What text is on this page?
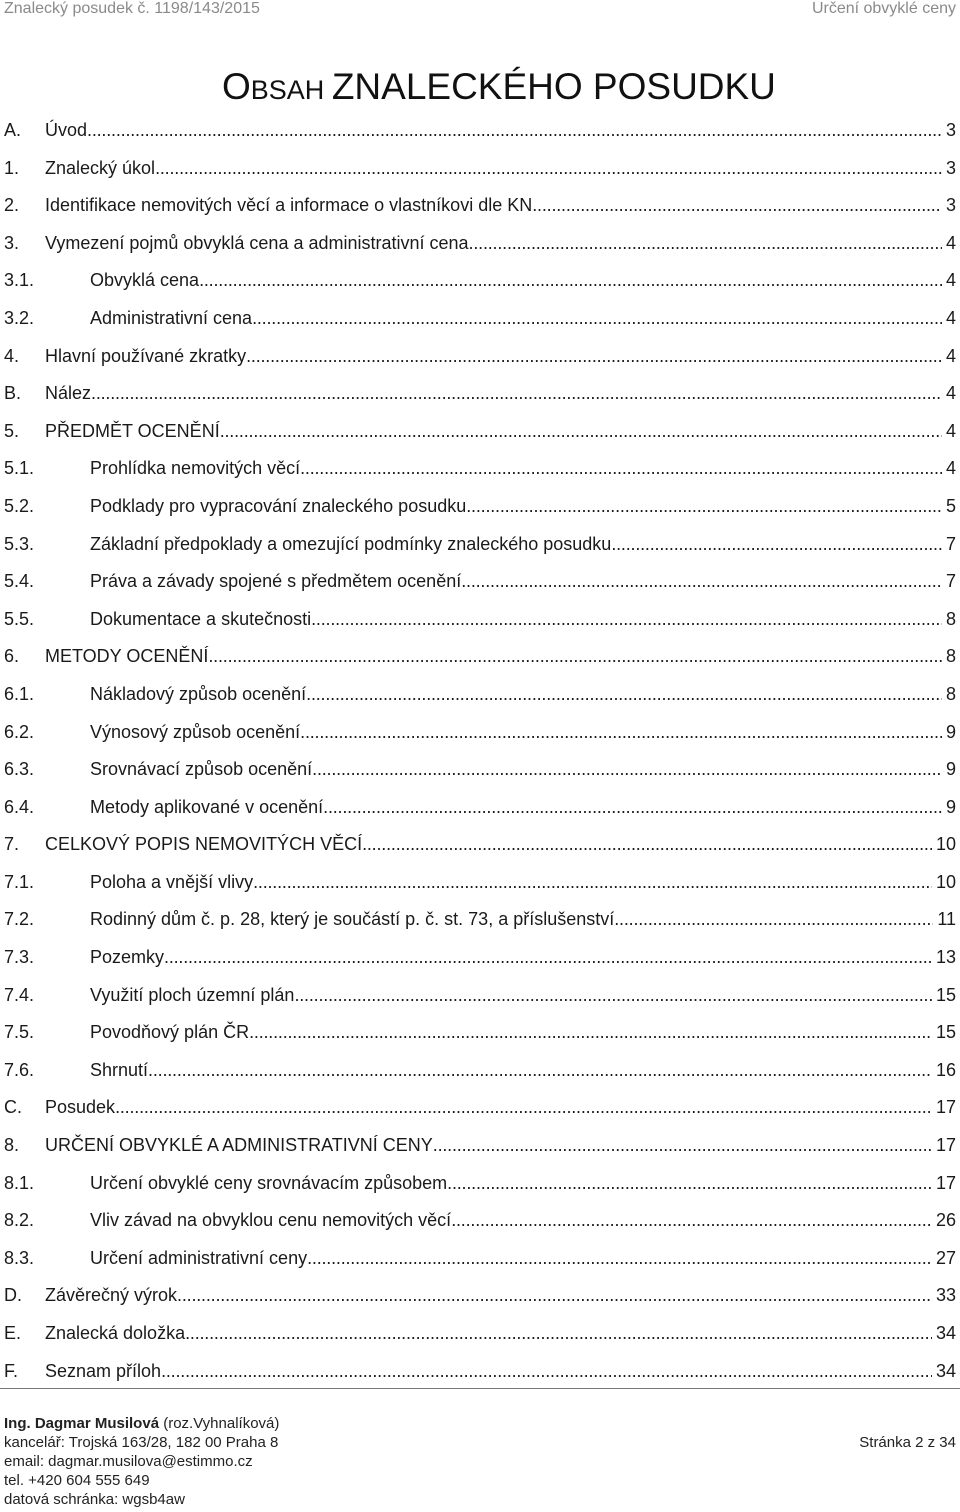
Znalecký posudek č. 1198/143/2015	Určení obvyklé ceny
OBSAH ZNALECKÉHO POSUDKU
A. Úvod . . .	3
1. Znalecký úkol . . .	3
2. Identifikace nemovitých věcí a informace o vlastníkovi dle KN . . .	3
3. Vymezení pojmů obvyklá cena a administrativní cena . . .	4
3.1.	Obvyklá cena . . .	4
3.2.	Administrativní cena . . .	4
4. Hlavní používané zkratky . . .	4
B. Nález . . .	4
5. PŘEDMĚT OCENĚNÍ . . .	4
5.1.	Prohlídka nemovitých věcí . . .	4
5.2.	Podklady pro vypracování znaleckého posudku . . .	5
5.3.	Základní předpoklady a omezující podmínky znaleckého posudku . . .	7
5.4.	Práva a závady spojené s předmětem ocenění . . .	7
5.5.	Dokumentace a skutečnosti . . .	8
6. METODY OCENĚNÍ . . .	8
6.1.	Nákladový způsob ocenění . . .	8
6.2.	Výnosový způsob ocenění . . .	9
6.3.	Srovnávací způsob ocenění . . .	9
6.4.	Metody aplikované v ocenění . . .	9
7. CELKOVÝ POPIS NEMOVITÝCH VĚCÍ . . .	10
7.1.	Poloha a vnější vlivy . . .	10
7.2.	Rodinný dům č. p. 28, který je součástí p. č. st. 73, a příslušenství . . .	11
7.3.	Pozemky . . .	13
7.4.	Využití ploch územní plán . . .	15
7.5.	Povodňový plán ČR . . .	15
7.6.	Shrnutí . . .	16
C. Posudek . . .	17
8. URČENÍ OBVYKLÉ A ADMINISTRATIVNÍ CENY . . .	17
8.1.	Určení obvyklé ceny srovnávacím způsobem . . .	17
8.2.	Vliv závad na obvyklou cenu nemovitých věcí . . .	26
8.3.	Určení administrativní ceny . . .	27
D. Závěrečný výrok . . .	33
E. Znalecká doložka . . .	34
F. Seznam příloh . . .	34
Ing. Dagmar Musilová (roz.Vyhnalíková)
kancelář: Trojská 163/28, 182 00 Praha 8
email: dagmar.musilova@estimmo.cz
tel. +420 604 555 649
datová schránka: wgsb4aw
Stránka 2 z 34
